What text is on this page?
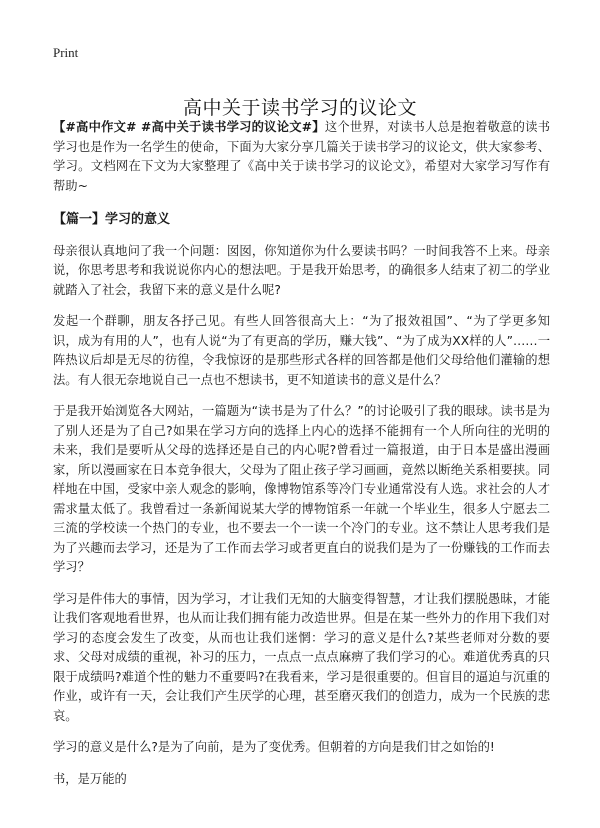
Print
高中关于读书学习的议论文

【#高中作文# #高中关于读书学习的议论文#】这个世界，对读书人总是抱着敬意的读书学习也是作为一名学生的使命，下面为大家分享几篇关于读书学习的议论文，供大家参考、学习。文档网在下文为大家整理了《高中关于读书学习的议论文》，希望对大家学习写作有帮助~

【篇一】学习的意义

母亲很认真地问了我一个问题：囡囡，你知道你为什么要读书吗？一时间我答不上来。母亲说，你思考思考和我说说你内心的想法吧。于是我开始思考，的确很多人结束了初二的学业就踏入了社会，我留下来的意义是什么呢?

发起一个群聊，朋友各抒己见。有些人回答很高大上：“为了报效祖国”、“为了学更多知识，成为有用的人”，也有人说“为了有更高的学历，赚大钱”、“为了成为XX样的人”……一阵热议后却是无尽的彷徨，令我惊讶的是那些形式各样的回答都是他们父母给他们灌输的想法。有人很无奈地说自己一点也不想读书，更不知道读书的意义是什么？

于是我开始浏览各大网站，一篇题为“读书是为了什么？”的讨论吸引了我的眼球。读书是为了别人还是为了自己?如果在学习方向的选择上内心的选择不能拥有一个人所向往的光明的未来，我们是要听从父母的选择还是自己的内心呢?曾看过一篇报道，由于日本是盛出漫画家，所以漫画家在日本竞争很大，父母为了阻止孩子学习画画，竟然以断绝关系相要挟。同样地在中国，受家中亲人观念的影响，像博物馆系等冷门专业通常没有人选。求社会的人才需求量太低了。我曾看过一条新闻说某大学的博物馆系一年就一个毕业生，很多人宁愿去二三流的学校读一个热门的专业，也不要去一个一读一个冷门的专业。这不禁让人思考我们是为了兴趣而去学习，还是为了工作而去学习或者更直白的说我们是为了一份赚钱的工作而去学习？

学习是件伟大的事情，因为学习，才让我们无知的大脑变得智慧，才让我们摆脱愚昧，才能让我们客观地看世界，也从而让我们拥有能力改造世界。但是在某一些外力的作用下我们对学习的态度会发生了改变，从而也让我们迷惘：学习的意义是什么?某些老师对分数的要求、父母对成绩的重视，补习的压力，一点点一点点麻痹了我们学习的心。难道优秀真的只限于成绩吗?难道个性的魅力不重要吗?在我看来，学习是很重要的。但盲目的逼迫与沉重的作业，或许有一天，会让我们产生厌学的心理，甚至磨灭我们的创造力，成为一个民族的悲哀。

学习的意义是什么?是为了向前，是为了变优秀。但朝着的方向是我们甘之如饴的!

书，是万能的
